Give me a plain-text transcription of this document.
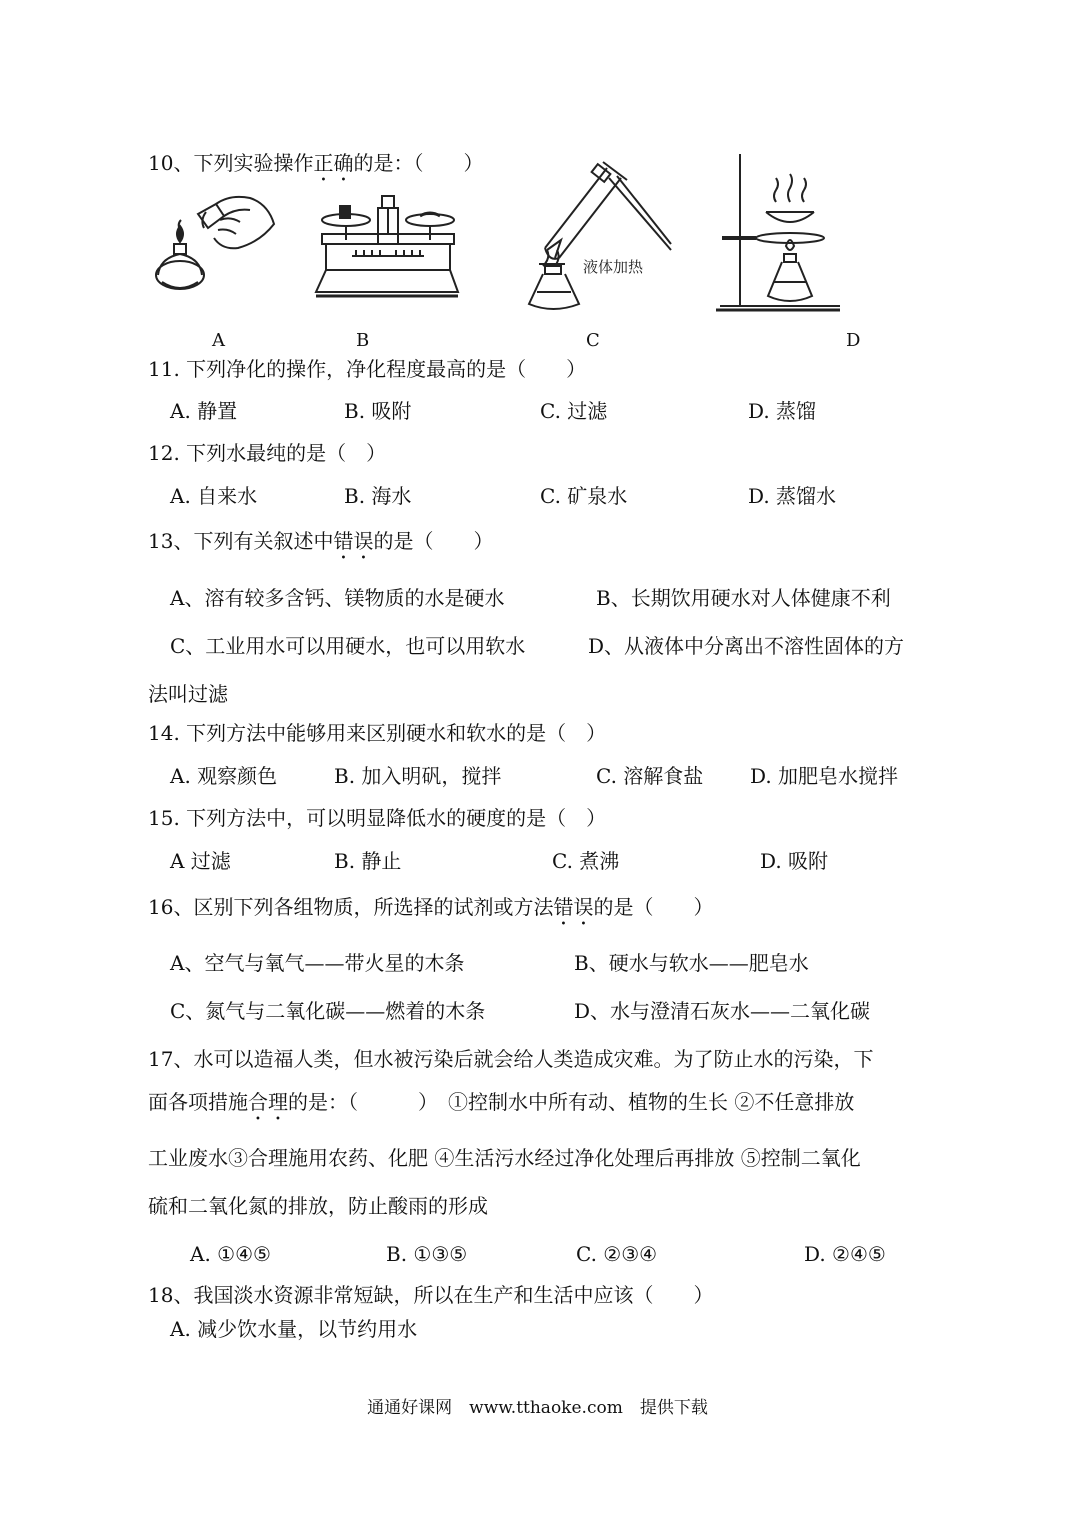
10、下列实验操作正确的是：（　　）
A	B
液体加热
C	D
11. 下列净化的操作，净化程度最高的是（　　）
A. 静置	B. 吸附	C. 过滤	D. 蒸馏
12. 下列水最纯的是（　）
A. 自来水	B. 海水	C. 矿泉水	D. 蒸馏水
13、下列有关叙述中错误的是（　　）
A、溶有较多含钙、镁物质的水是硬水	B、长期饮用硬水对人体健康不利
C、工业用水可以用硬水，也可以用软水	D、从液体中分离出不溶性固体的方
法叫过滤
14. 下列方法中能够用来区别硬水和软水的是（　）
A. 观察颜色	B. 加入明矾，搅拌	C. 溶解食盐 D. 加肥皂水搅拌
15. 下列方法中，可以明显降低水的硬度的是（　）
A 过滤	B. 静止	C. 煮沸	D. 吸附
16、区别下列各组物质，所选择的试剂或方法错误的是（　　）
A、空气与氧气——带火星的木条	B、硬水与软水——肥皂水
C、氮气与二氧化碳——燃着的木条	D、水与澄清石灰水——二氧化碳
17、水可以造福人类，但水被污染后就会给人类造成灾难。为了防止水的污染，下
面各项措施合理的是：（　　　）　①控制水中所有动、植物的生长 ②不任意排放
工业废水③合理施用农药、化肥 ④生活污水经过净化处理后再排放 ⑤控制二氧化
硫和二氧化氮的排放，防止酸雨的形成
A. ①④⑤	B. ①③⑤	C. ②③④	D. ②④⑤
18、我国淡水资源非常短缺，所以在生产和生活中应该（　　）
A. 减少饮水量，以节约用水
通通好课网　www.tthaoke.com　提供下载
